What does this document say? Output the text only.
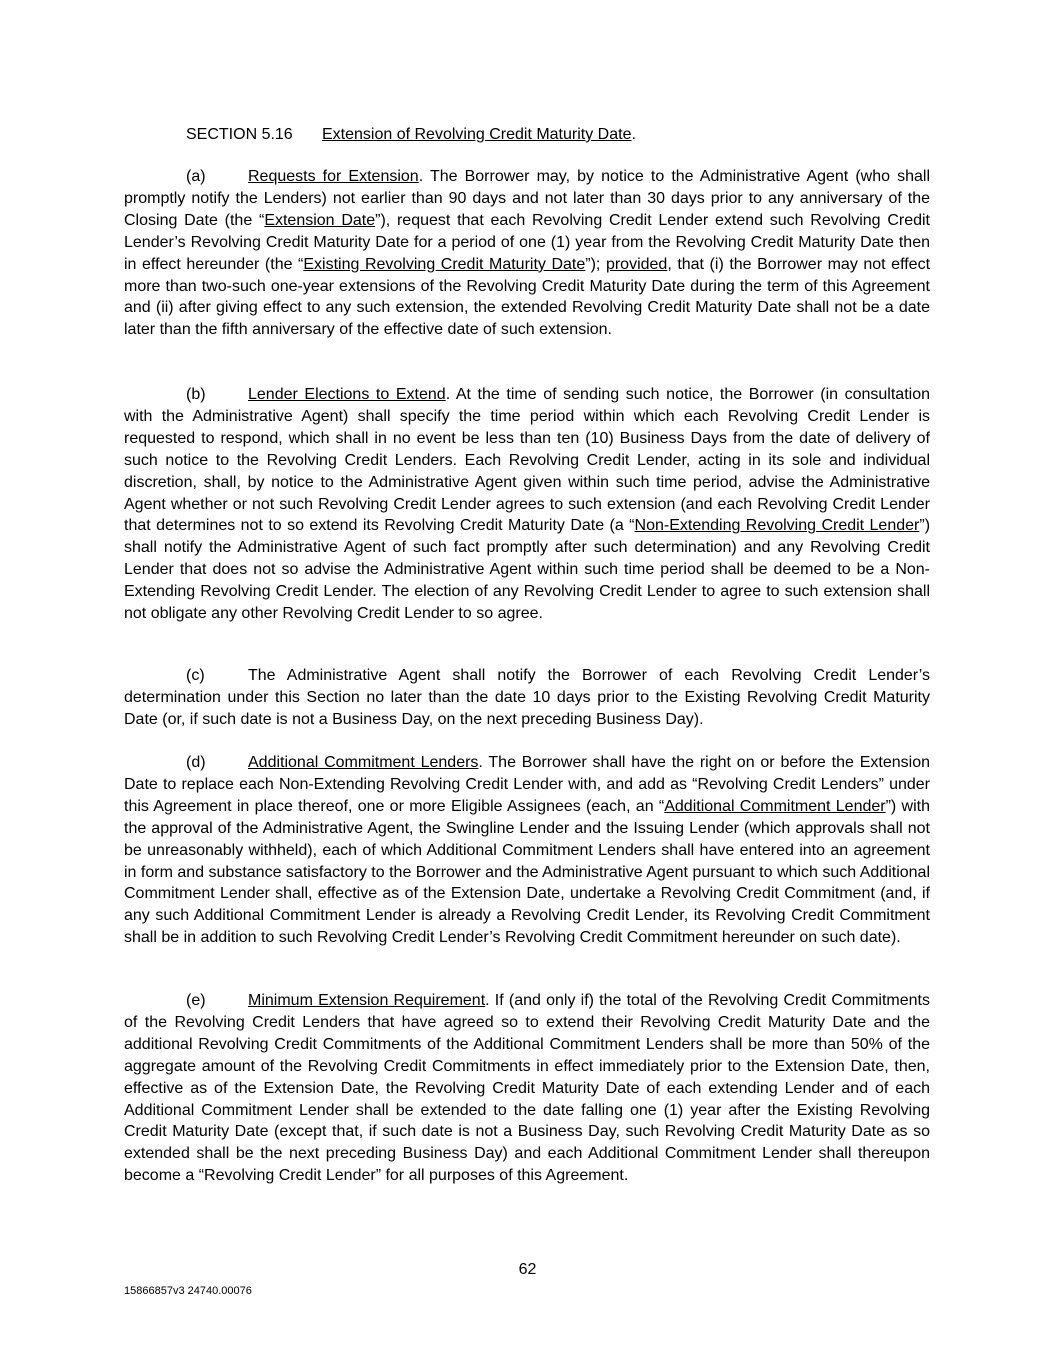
SECTION 5.16 Extension of Revolving Credit Maturity Date.

(a)	Requests for Extension. The Borrower may, by notice to the Administrative Agent (who shall promptly notify the Lenders) not earlier than 90 days and not later than 30 days prior to any anniversary of the Closing Date (the “Extension Date”), request that each Revolving Credit Lender extend such Revolving Credit Lender’s Revolving Credit Maturity Date for a period of one (1) year from the Revolving Credit Maturity Date then in effect hereunder (the “Existing Revolving Credit Maturity Date”); provided, that (i) the Borrower may not effect more than two-such one-year extensions of the Revolving Credit Maturity Date during the term of this Agreement and (ii) after giving effect to any such extension, the extended Revolving Credit Maturity Date shall not be a date later than the fifth anniversary of the effective date of such extension.

(b)	Lender Elections to Extend. At the time of sending such notice, the Borrower (in consultation with the Administrative Agent) shall specify the time period within which each Revolving Credit Lender is requested to respond, which shall in no event be less than ten (10) Business Days from the date of delivery of such notice to the Revolving Credit Lenders. Each Revolving Credit Lender, acting in its sole and individual discretion, shall, by notice to the Administrative Agent given within such time period, advise the Administrative Agent whether or not such Revolving Credit Lender agrees to such extension (and each Revolving Credit Lender that determines not to so extend its Revolving Credit Maturity Date (a “Non-Extending Revolving Credit Lender”) shall notify the Administrative Agent of such fact promptly after such determination) and any Revolving Credit Lender that does not so advise the Administrative Agent within such time period shall be deemed to be a Non-Extending Revolving Credit Lender. The election of any Revolving Credit Lender to agree to such extension shall not obligate any other Revolving Credit Lender to so agree.

(c)	The Administrative Agent shall notify the Borrower of each Revolving Credit Lender’s determination under this Section no later than the date 10 days prior to the Existing Revolving Credit Maturity Date (or, if such date is not a Business Day, on the next preceding Business Day).

(d)	Additional Commitment Lenders. The Borrower shall have the right on or before the Extension Date to replace each Non-Extending Revolving Credit Lender with, and add as “Revolving Credit Lenders” under this Agreement in place thereof, one or more Eligible Assignees (each, an “Additional Commitment Lender”) with the approval of the Administrative Agent, the Swingline Lender and the Issuing Lender (which approvals shall not be unreasonably withheld), each of which Additional Commitment Lenders shall have entered into an agreement in form and substance satisfactory to the Borrower and the Administrative Agent pursuant to which such Additional Commitment Lender shall, effective as of the Extension Date, undertake a Revolving Credit Commitment (and, if any such Additional Commitment Lender is already a Revolving Credit Lender, its Revolving Credit Commitment shall be in addition to such Revolving Credit Lender’s Revolving Credit Commitment hereunder on such date).

(e)	Minimum Extension Requirement. If (and only if) the total of the Revolving Credit Commitments of the Revolving Credit Lenders that have agreed so to extend their Revolving Credit Maturity Date and the additional Revolving Credit Commitments of the Additional Commitment Lenders shall be more than 50% of the aggregate amount of the Revolving Credit Commitments in effect immediately prior to the Extension Date, then, effective as of the Extension Date, the Revolving Credit Maturity Date of each extending Lender and of each Additional Commitment Lender shall be extended to the date falling one (1) year after the Existing Revolving Credit Maturity Date (except that, if such date is not a Business Day, such Revolving Credit Maturity Date as so extended shall be the next preceding Business Day) and each Additional Commitment Lender shall thereupon become a “Revolving Credit Lender” for all purposes of this Agreement.

62
15866857v3 24740.00076
